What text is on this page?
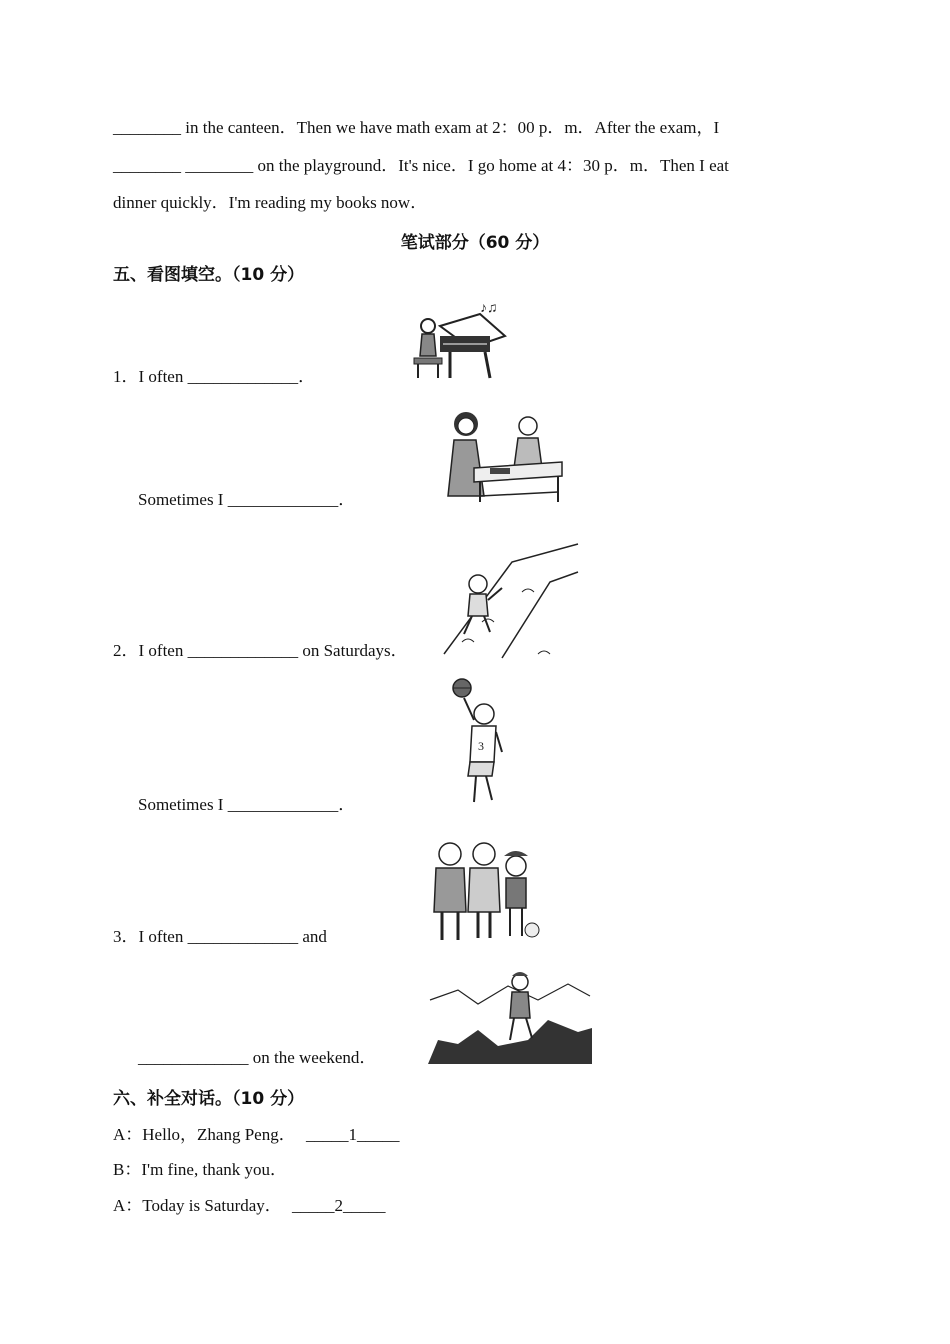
________ in the canteen．Then we have math exam at 2：00 p．m．After the exam，I
________ ________ on the playground．It's nice．I go home at 4：30 p．m．Then I eat
dinner quickly．I'm reading my books now．
笔试部分（60 分）
五、看图填空。（10 分）
♪♫
1．I often _____________．
Sometimes I _____________．
2．I often _____________ on Saturdays．
3
Sometimes I _____________．
3．I often _____________ and
_____________ on the weekend．
六、补全对话。（10 分）
A：Hello，Zhang Peng． _____1_____
B：I'm fine, thank you．
A：Today is Saturday． _____2_____
